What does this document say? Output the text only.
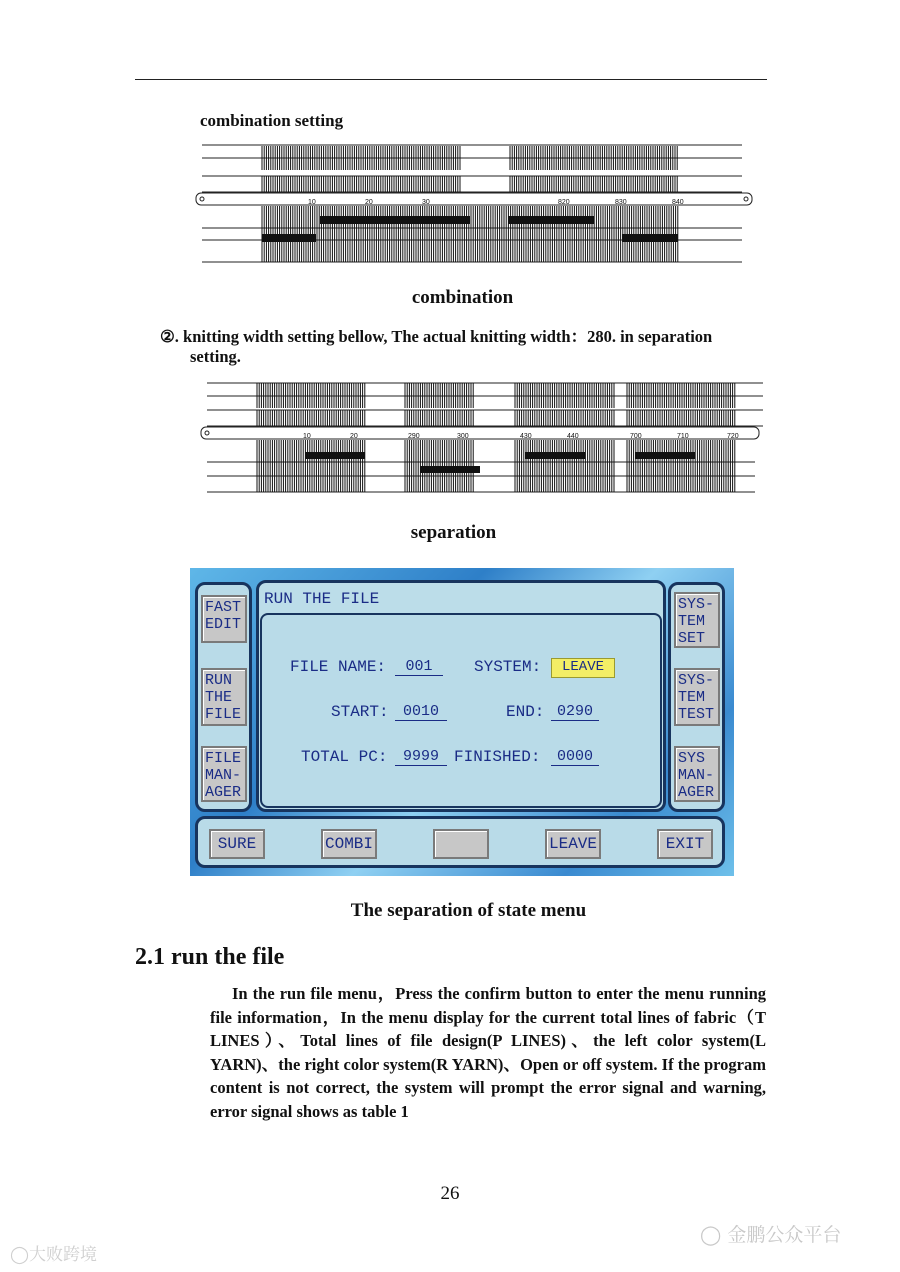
combination setting
10	20	30	820	830	840
combination
②. knitting width setting bellow, The actual knitting width：280. in separation
setting.
10	20	290	300	430	440	700	710	720
separation
FAST
EDIT
RUN
THE
FILE
FILE
MAN-
AGER
SYS-
TEM
SET
SYS-
TEM
TEST
SYS
MAN-
AGER
RUN THE FILE
FILE NAME:	001	SYSTEM:	LEAVE
START: 0010	END: 0290
TOTAL PC:	9999 FINISHED:	0000
SURE	COMBI	LEAVE	EXIT
The separation of state menu
2.1 run the file
In the run file menu，Press the confirm button to enter the menu running file information，In the menu display for the current total lines of fabric（T LINES）、Total lines of file design(P LINES)、the left color system(L YARN)、the right color system(R YARN)、Open or off system. If the program content is not correct, the system will prompt the error signal and warning, error signal shows as table 1
26
◯​大败跨境
◯ 金鹏公众平台
